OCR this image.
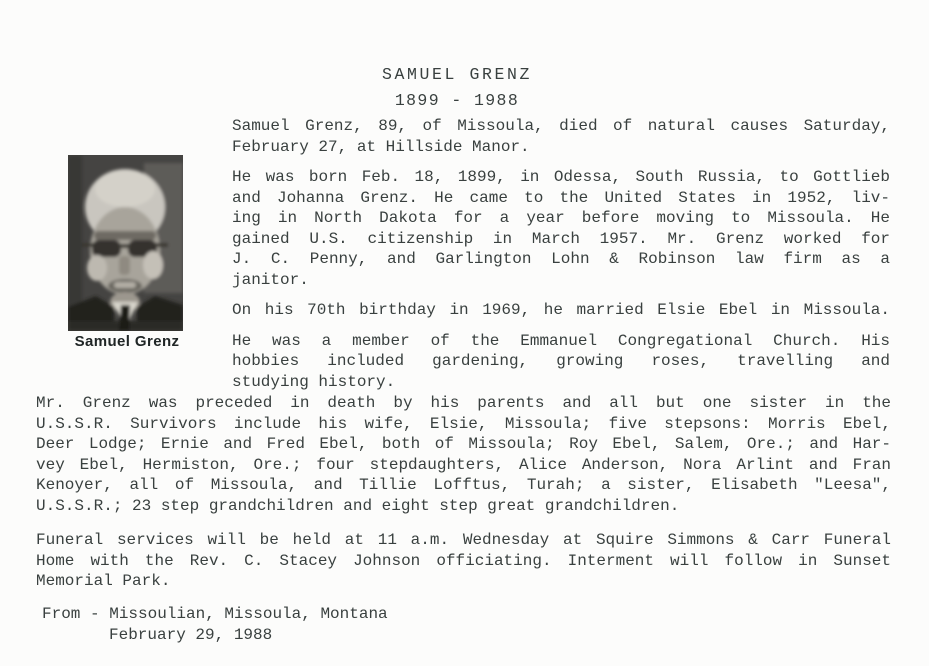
SAMUEL GRENZ
1899 - 1988
Samuel Grenz
Samuel Grenz, 89, of Missoula, died of natural causes Saturday,
February 27, at Hillside Manor.
He was born Feb. 18, 1899, in Odessa, South Russia, to Gottlieb
and Johanna Grenz. He came to the United States in 1952, liv-
ing in North Dakota for a year before moving to Missoula. He
gained U.S. citizenship in March 1957. Mr. Grenz worked for
J. C. Penny, and Garlington Lohn & Robinson law firm as a
janitor.
On his 70th birthday in 1969, he married Elsie Ebel in Missoula.
He was a member of the Emmanuel Congregational Church. His
hobbies included gardening, growing roses, travelling and
studying history.
Mr. Grenz was preceded in death by his parents and all but one sister in the
U.S.S.R. Survivors include his wife, Elsie, Missoula; five stepsons: Morris Ebel,
Deer Lodge; Ernie and Fred Ebel, both of Missoula; Roy Ebel, Salem, Ore.; and Har-
vey Ebel, Hermiston, Ore.; four stepdaughters, Alice Anderson, Nora Arlint and Fran
Kenoyer, all of Missoula, and Tillie Lofftus, Turah; a sister, Elisabeth "Leesa",
U.S.S.R.; 23 step grandchildren and eight step great grandchildren.
Funeral services will be held at 11 a.m. Wednesday at Squire Simmons & Carr Funeral
Home with the Rev. C. Stacey Johnson officiating. Interment will follow in Sunset
Memorial Park.
From - Missoulian, Missoula, Montana
February 29, 1988
